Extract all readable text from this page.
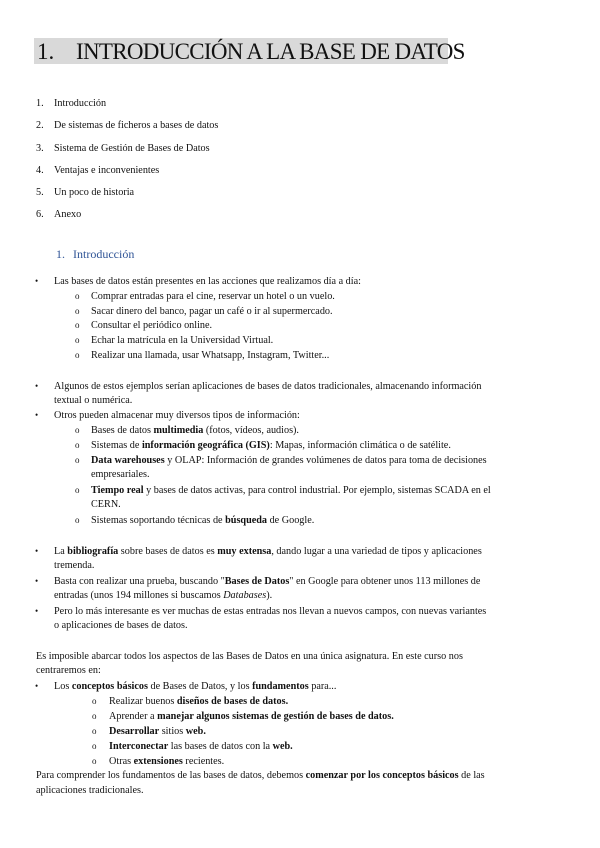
1. INTRODUCCIÓN A LA BASE DE DATOS
1. Introducción
2. De sistemas de ficheros a bases de datos
3. Sistema de Gestión de Bases de Datos
4. Ventajas e inconvenientes
5. Un poco de historia
6. Anexo
1. Introducción
• Las bases de datos están presentes en las acciones que realizamos día a día:
o Comprar entradas para el cine, reservar un hotel o un vuelo.
o Sacar dinero del banco, pagar un café o ir al supermercado.
o Consultar el periódico online.
o Echar la matrícula en la Universidad Virtual.
o Realizar una llamada, usar Whatsapp, Instagram, Twitter...
• Algunos de estos ejemplos serían aplicaciones de bases de datos tradicionales, almacenando información
textual o numérica.
• Otros pueden almacenar muy diversos tipos de información:
o Bases de datos multimedia (fotos, vídeos, audios).
o Sistemas de información geográfica (GIS): Mapas, información climática o de satélite.
o Data warehouses y OLAP: Información de grandes volúmenes de datos para toma de decisiones
empresariales.
o Tiempo real y bases de datos activas, para control industrial. Por ejemplo, sistemas SCADA en el
CERN.
o Sistemas soportando técnicas de búsqueda de Google.
• La bibliografía sobre bases de datos es muy extensa, dando lugar a una variedad de tipos y aplicaciones
tremenda.
• Basta con realizar una prueba, buscando "Bases de Datos" en Google para obtener unos 113 millones de
entradas (unos 194 millones si buscamos Databases).
• Pero lo más interesante es ver muchas de estas entradas nos llevan a nuevos campos, con nuevas variantes
o aplicaciones de bases de datos.
Es imposible abarcar todos los aspectos de las Bases de Datos en una única asignatura. En este curso nos
centraremos en:
• Los conceptos básicos de Bases de Datos, y los fundamentos para...
o Realizar buenos diseños de bases de datos.
o Aprender a manejar algunos sistemas de gestión de bases de datos.
o Desarrollar sitios web.
o Interconectar las bases de datos con la web.
o Otras extensiones recientes.
Para comprender los fundamentos de las bases de datos, debemos comenzar por los conceptos básicos de las
aplicaciones tradicionales.
